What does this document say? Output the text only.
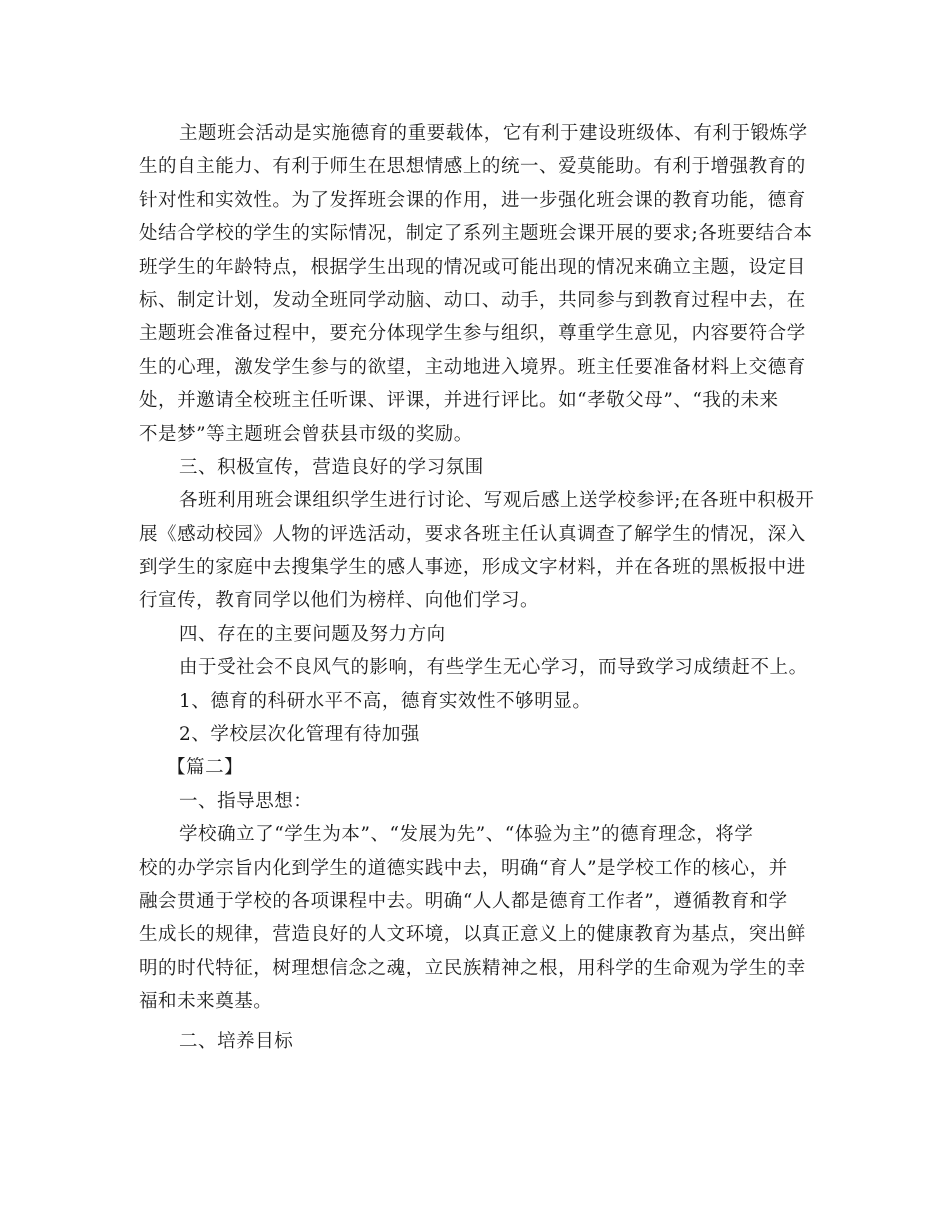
主题班会活动是实施德育的重要载体，它有利于建设班级体、有利于锻炼学
生的自主能力、有利于师生在思想情感上的统一、爱莫能助。有利于增强教育的
针对性和实效性。为了发挥班会课的作用，进一步强化班会课的教育功能，德育
处结合学校的学生的实际情况，制定了系列主题班会课开展的要求;各班要结合本
班学生的年龄特点，根据学生出现的情况或可能出现的情况来确立主题，设定目
标、制定计划，发动全班同学动脑、动口、动手，共同参与到教育过程中去，在
主题班会准备过程中，要充分体现学生参与组织，尊重学生意见，内容要符合学
生的心理，激发学生参与的欲望，主动地进入境界。班主任要准备材料上交德育
处，并邀请全校班主任听课、评课，并进行评比。如“孝敬父母”、“我的未来
不是梦”等主题班会曾获县市级的奖励。
三、积极宣传，营造良好的学习氛围
各班利用班会课组织学生进行讨论、写观后感上送学校参评;在各班中积极开
展《感动校园》人物的评选活动，要求各班主任认真调查了解学生的情况，深入
到学生的家庭中去搜集学生的感人事迹，形成文字材料，并在各班的黑板报中进
行宣传，教育同学以他们为榜样、向他们学习。
四、存在的主要问题及努力方向
由于受社会不良风气的影响，有些学生无心学习，而导致学习成绩赶不上。
1、德育的科研水平不高，德育实效性不够明显。
2、学校层次化管理有待加强
【篇二】
一、指导思想：
学校确立了“学生为本”、“发展为先”、“体验为主”的德育理念，将学
校的办学宗旨内化到学生的道德实践中去，明确“育人”是学校工作的核心，并
融会贯通于学校的各项课程中去。明确“人人都是德育工作者”，遵循教育和学
生成长的规律，营造良好的人文环境，以真正意义上的健康教育为基点，突出鲜
明的时代特征，树理想信念之魂，立民族精神之根，用科学的生命观为学生的幸
福和未来奠基。
二、培养目标
